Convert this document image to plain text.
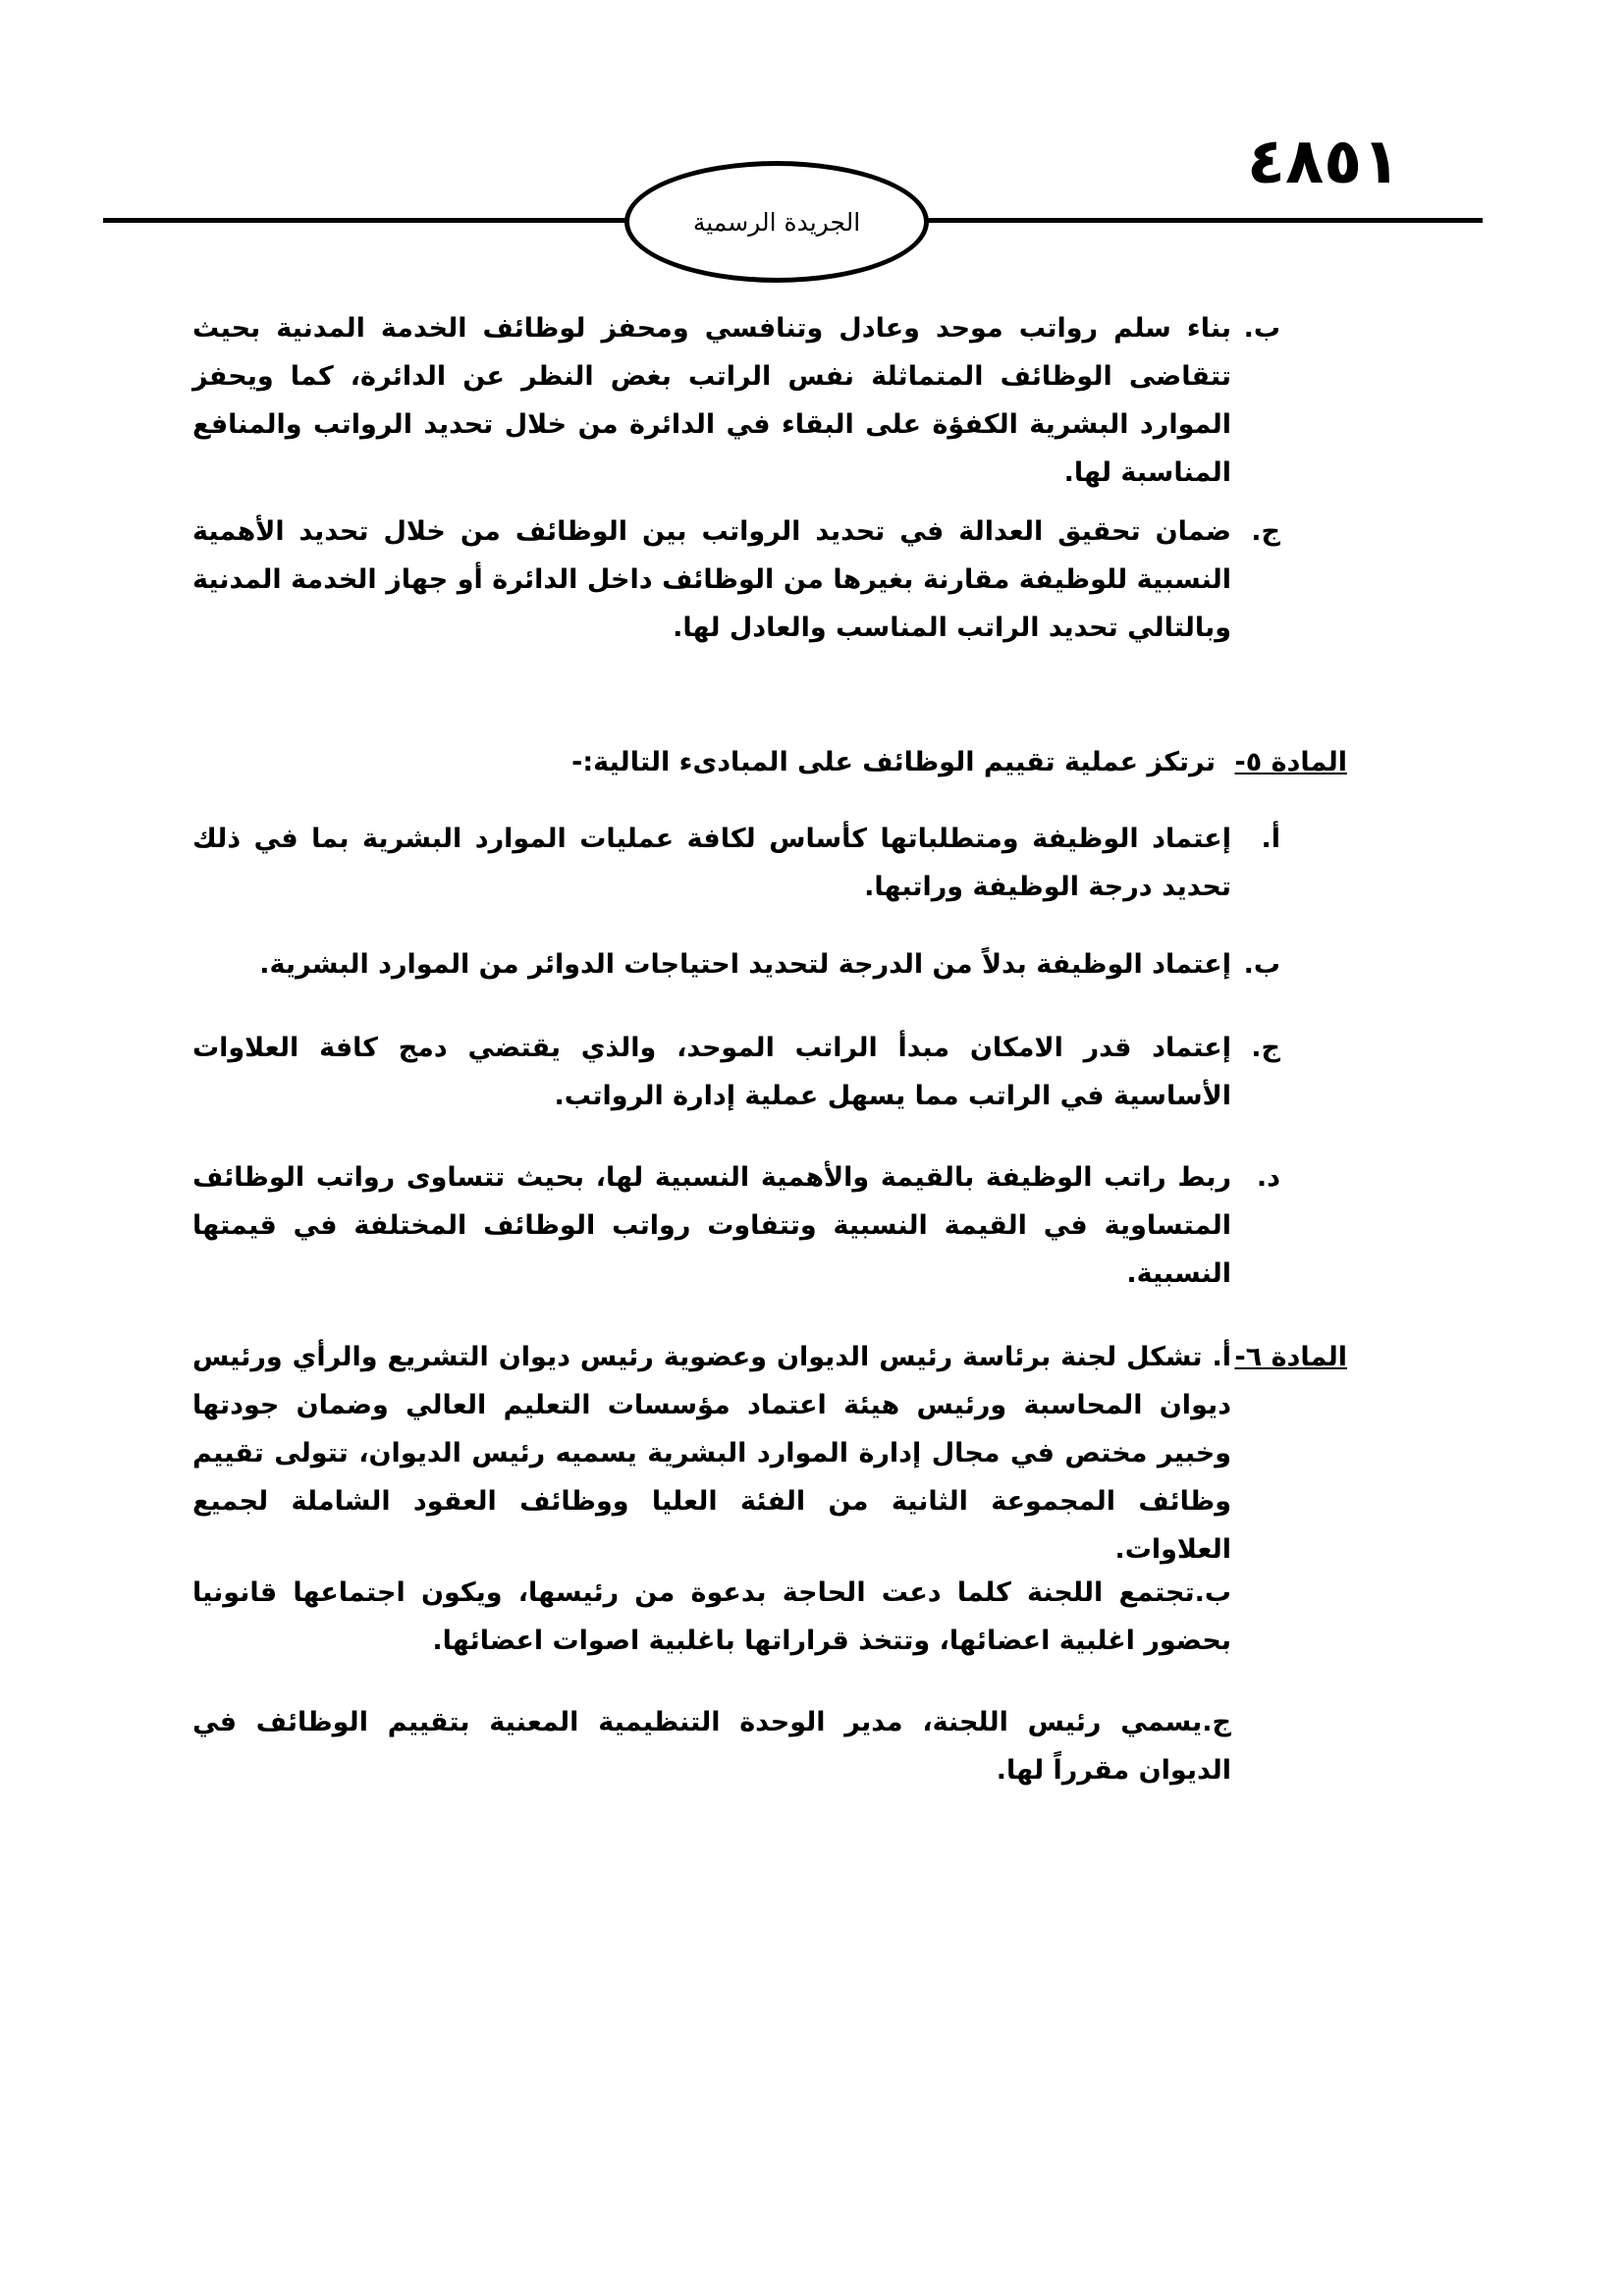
٤٨٥١
الجريدة الرسمية
ب.
بناء سلم رواتب موحد وعادل وتنافسي ومحفز لوظائف الخدمة المدنية بحيث تتقاضى الوظائف المتماثلة نفس الراتب بغض النظر عن الدائرة، كما ويحفز الموارد البشرية الكفؤة على البقاء في الدائرة من خلال تحديد الرواتب والمنافع المناسبة لها.
ج.
ضمان تحقيق العدالة في تحديد الرواتب بين الوظائف من خلال تحديد الأهمية النسبية للوظيفة مقارنة بغيرها من الوظائف داخل الدائرة أو جهاز الخدمة المدنية وبالتالي تحديد الراتب المناسب والعادل لها.
المادة ٥-
ترتكز عملية تقييم الوظائف على المبادىء التالية:-
أ.
إعتماد الوظيفة ومتطلباتها كأساس لكافة عمليات الموارد البشرية بما في ذلك تحديد درجة الوظيفة وراتبها.
ب.
إعتماد الوظيفة بدلاً من الدرجة لتحديد احتياجات الدوائر من الموارد البشرية.
ج.
إعتماد قدر الامكان مبدأ الراتب الموحد، والذي يقتضي دمج كافة العلاوات الأساسية في الراتب مما يسهل عملية إدارة الرواتب.
د.
ربط راتب الوظيفة بالقيمة والأهمية النسبية لها، بحيث تتساوى رواتب الوظائف المتساوية في القيمة النسبية وتتفاوت رواتب الوظائف المختلفة في قيمتها النسبية.
المادة ٦-
أ. تشكل لجنة برئاسة رئيس الديوان وعضوية رئيس ديوان التشريع والرأي ورئيس ديوان المحاسبة ورئيس هيئة اعتماد مؤسسات التعليم العالي وضمان جودتها وخبير مختص في مجال إدارة الموارد البشرية يسميه رئيس الديوان، تتولى تقييم وظائف المجموعة الثانية من الفئة العليا ووظائف العقود الشاملة لجميع العلاوات.
ب.تجتمع اللجنة كلما دعت الحاجة بدعوة من رئيسها، ويكون اجتماعها قانونيا بحضور اغلبية اعضائها، وتتخذ قراراتها باغلبية اصوات اعضائها.
ج.يسمي رئيس اللجنة، مدير الوحدة التنظيمية المعنية بتقييم الوظائف في الديوان مقرراً لها.
